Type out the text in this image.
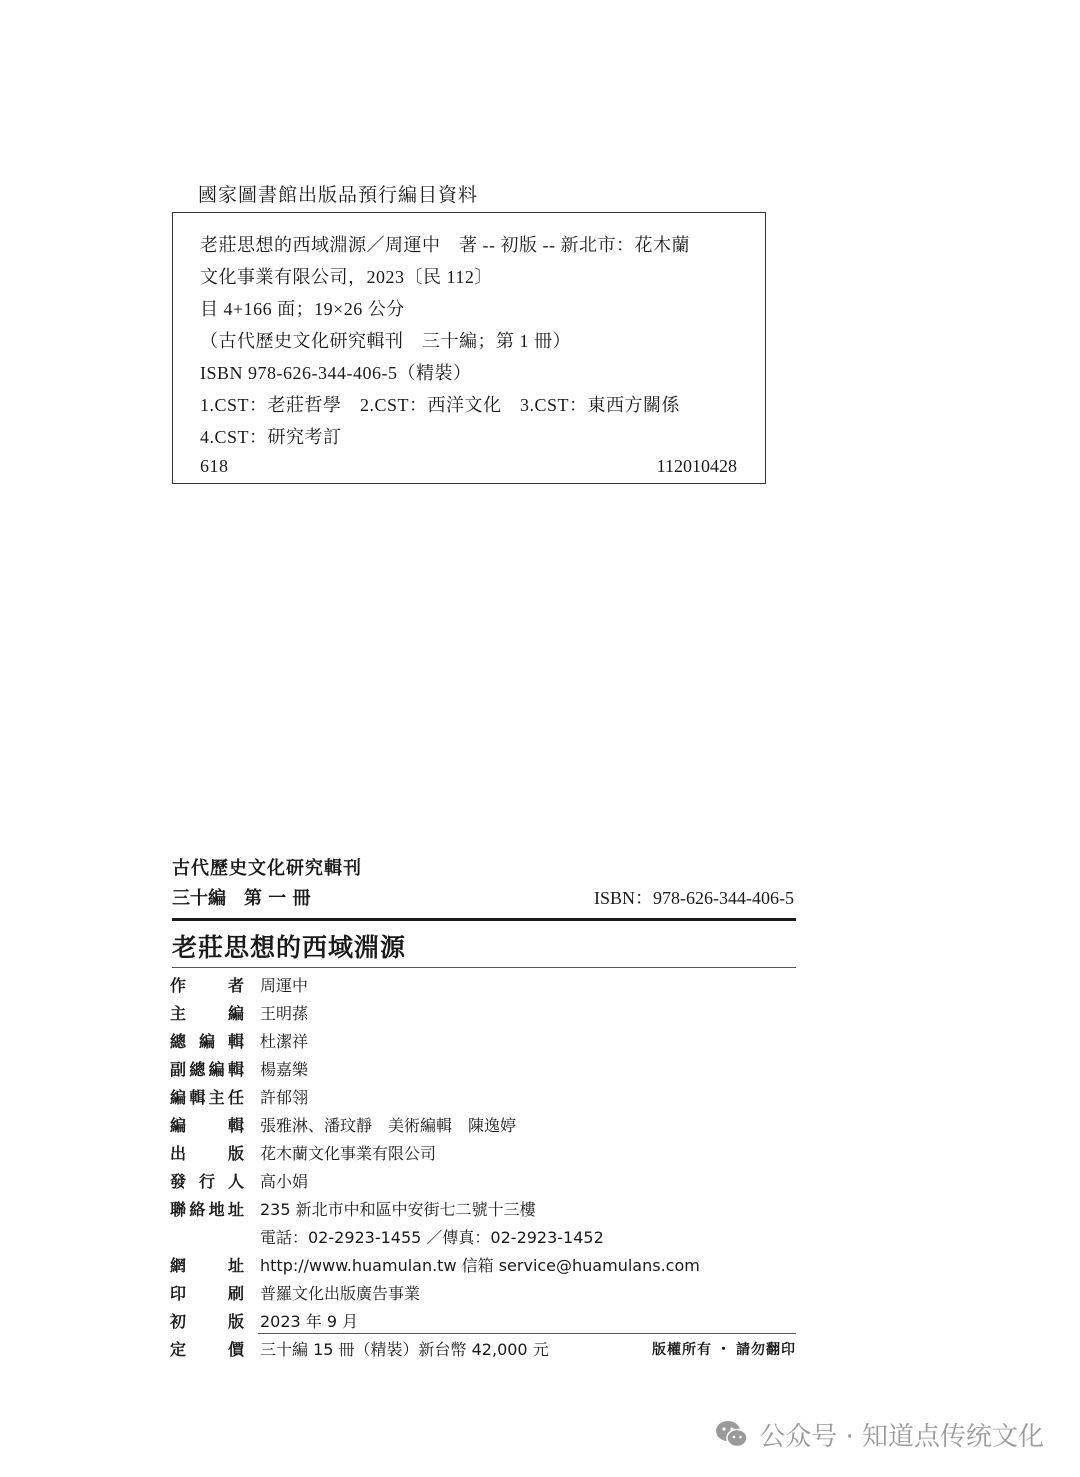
國家圖書館出版品預行編目資料
老莊思想的西域淵源／周運中　著 -- 初版 -- 新北市：花木蘭
文化事業有限公司，2023〔民 112〕
目 4+166 面；19×26 公分
（古代歷史文化研究輯刊　三十編；第 1 冊）
ISBN 978-626-344-406-5（精裝）
1.CST：老莊哲學　2.CST：西洋文化　3.CST：東西方關係
4.CST：研究考訂
618	112010428
古代歷史文化研究輯刊
三十編　第 一 冊	ISBN：978-626-344-406-5
老莊思想的西域淵源
作者 周運中
主編 王明蓀
總編輯 杜潔祥
副總編輯 楊嘉樂
編輯主任 許郁翎
編輯 張雅淋、潘玟靜　美術編輯　陳逸婷
出版 花木蘭文化事業有限公司
發行人 高小娟
聯絡地址 235 新北市中和區中安街七二號十三樓
電話：02-2923-1455 ／傳真：02-2923-1452
網址 http://www.huamulan.tw 信箱 service@huamulans.com
印刷 普羅文化出版廣告事業
初版 2023 年 9 月
定價 三十編 15 冊（精裝）新台幣 42,000 元	版權所有 ・ 請勿翻印
公众号 · 知道点传统文化
